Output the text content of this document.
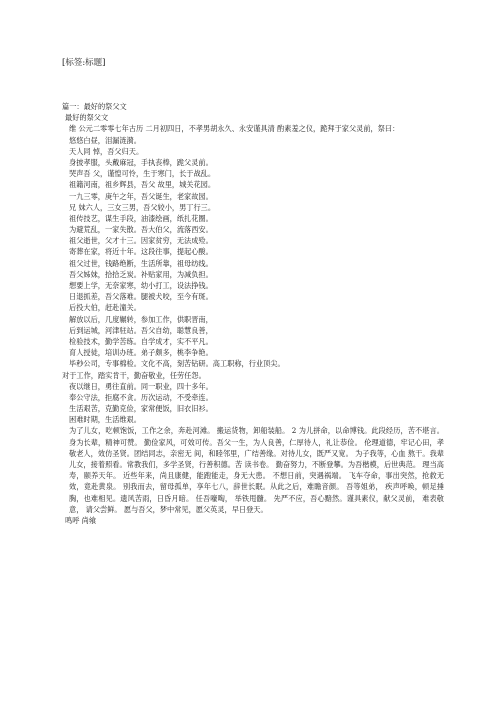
[标签:标题]
篇一：最好的祭父文
最好的祭父文
维 公元二零零七年古历 二月初四日，不孝男胡永久、永安谨具清 酌素羞之仪，跪拜于家父灵前，祭曰：
悠悠白昼，泪漏涟漪。
天人同 悼，吾父归天。
身披孝服，头戴麻冠，手执丧棒，跪父灵前。
哭声吾 父，谨惶可怜，生于寒门，长于战乱。
祖籍河南，祖乡辉县，吾父 故里，城关花园。
一九三零，庚午之年，吾父诞生，老家故园。
兄 妹六人，三女三男，吾父较小，男丁行三。
祖传技艺，谋生手段，油漆绘画，纸扎花圈。
为避荒乱，一家失散。吾大伯父，流落西安。
祖父逝世，父才十三。因家贫穷，无法成殓。
寄葬在家，将近十年。这段往事，提起心酸。
祖父过世，钱路绝断，生活所靠，祖母纺线。
吾父姊妹，拾拾乏炭。补贴家用，为减负担。
想要上学，无奈家寒，幼小打工，设法挣钱。
日退抓差，吾父落难。腿被犬咬，至今有斑。
后投大伯，赶赴潼关。
解放以后，几度辗转，参加工作，供职晋南，
后到运城，河津驻站。吾父自幼，聪慧良善，
检验技术，勤学苦练。自学成才，实不平凡。
育人授徒，培训办班。弟子颇多，桃李争艳。
毕秒公司，专事棉检。文化不高，刻苦钻研。高工职称，行业顶尖。
对于工作，踏实肯干，勤奋敬业，任劳任怨。
夜以继日，勇往直前。同一职业，四十多年。
奉公守法，拒腐不贪。历次运动，不受牵连。
生活艰苦，克勤克俭，家常便饭，旧衣旧衫。
困难时期，生活维艰。
为了儿女，吃顿饱饭，工作之余，奔赴河滩。 搬运货物，卸船装船。 2 为儿拼命，以命博钱。此段经历，苦不堪言。身为长辈，精神可赞。 勤俭家风，可效可传。吾父一生，为人良善，仁厚待人，礼让恭俭。 伦理道德，牢记心田，孝敬老人，效仿圣贤。团结同志，亲密无 间，和睦邻里，广结善缘。对待儿女，既严又宽。 为子我等，心血 熬干。我辈儿女，接着照看。常教我们，多学圣贤，行善积德。苦 读书卷。 勤奋努力，不断登攀。为吾楷模，后世典范。 理当高寿，颐养天年。 近些年来，尚且康健，能跑能走，身无大患。 不想日前，突遇祸端。 飞车夺命，事出突然，抢救无效，竟赴黄泉。 别我而去，留母孤单，享年七八，辞世长眠。从此之后，难瞻音颜。 吾等姐弟， 疾声呼唤，顿足捶胸，也难相见。遗风苦雨，日昏月暗。 任吾嚎啕， 举铁甩髓。 先严不应，吾心黯然。谨具素仪，献父灵前， 难表敬意， 请父尝鲜。 愿与吾父，梦中常见，愿父英灵，早日登天。
鸣呼 尚飨
